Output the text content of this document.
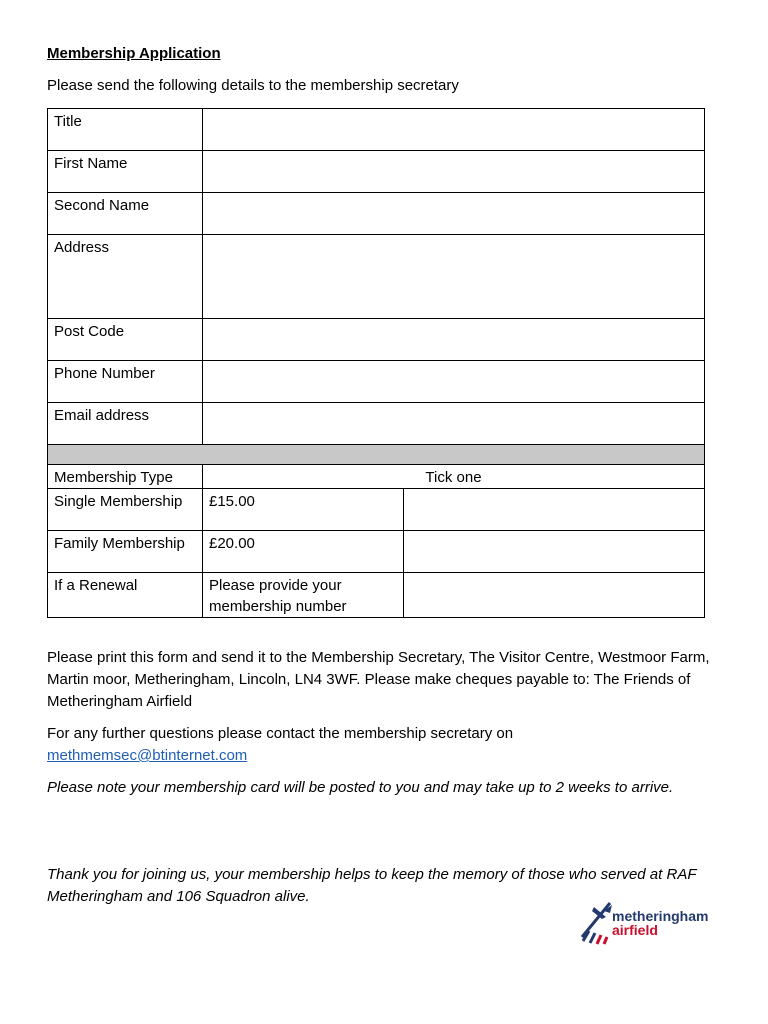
Membership Application

Please send the following details to the membership secretary

Title		
First Name		
Second Name		
Address		
Post Code		
Phone Number		
Email address		

Membership Type	Tick one	
Single Membership	£15.00	
Family Membership	£20.00	
If a Renewal	Please provide your membership number	

Please print this form and send it to the Membership Secretary, The Visitor Centre, Westmoor Farm, Martin moor, Metheringham, Lincoln, LN4 3WF. Please make cheques payable to: The Friends of Metheringham Airfield

For any further questions please contact the membership secretary on
methmemsec@btinternet.com

Please note your membership card will be posted to you and may take up to 2 weeks to arrive.

Thank you for joining us, your membership helps to keep the memory of those who served at RAF Metheringham and 106 Squadron alive.

metheringham
airfield
